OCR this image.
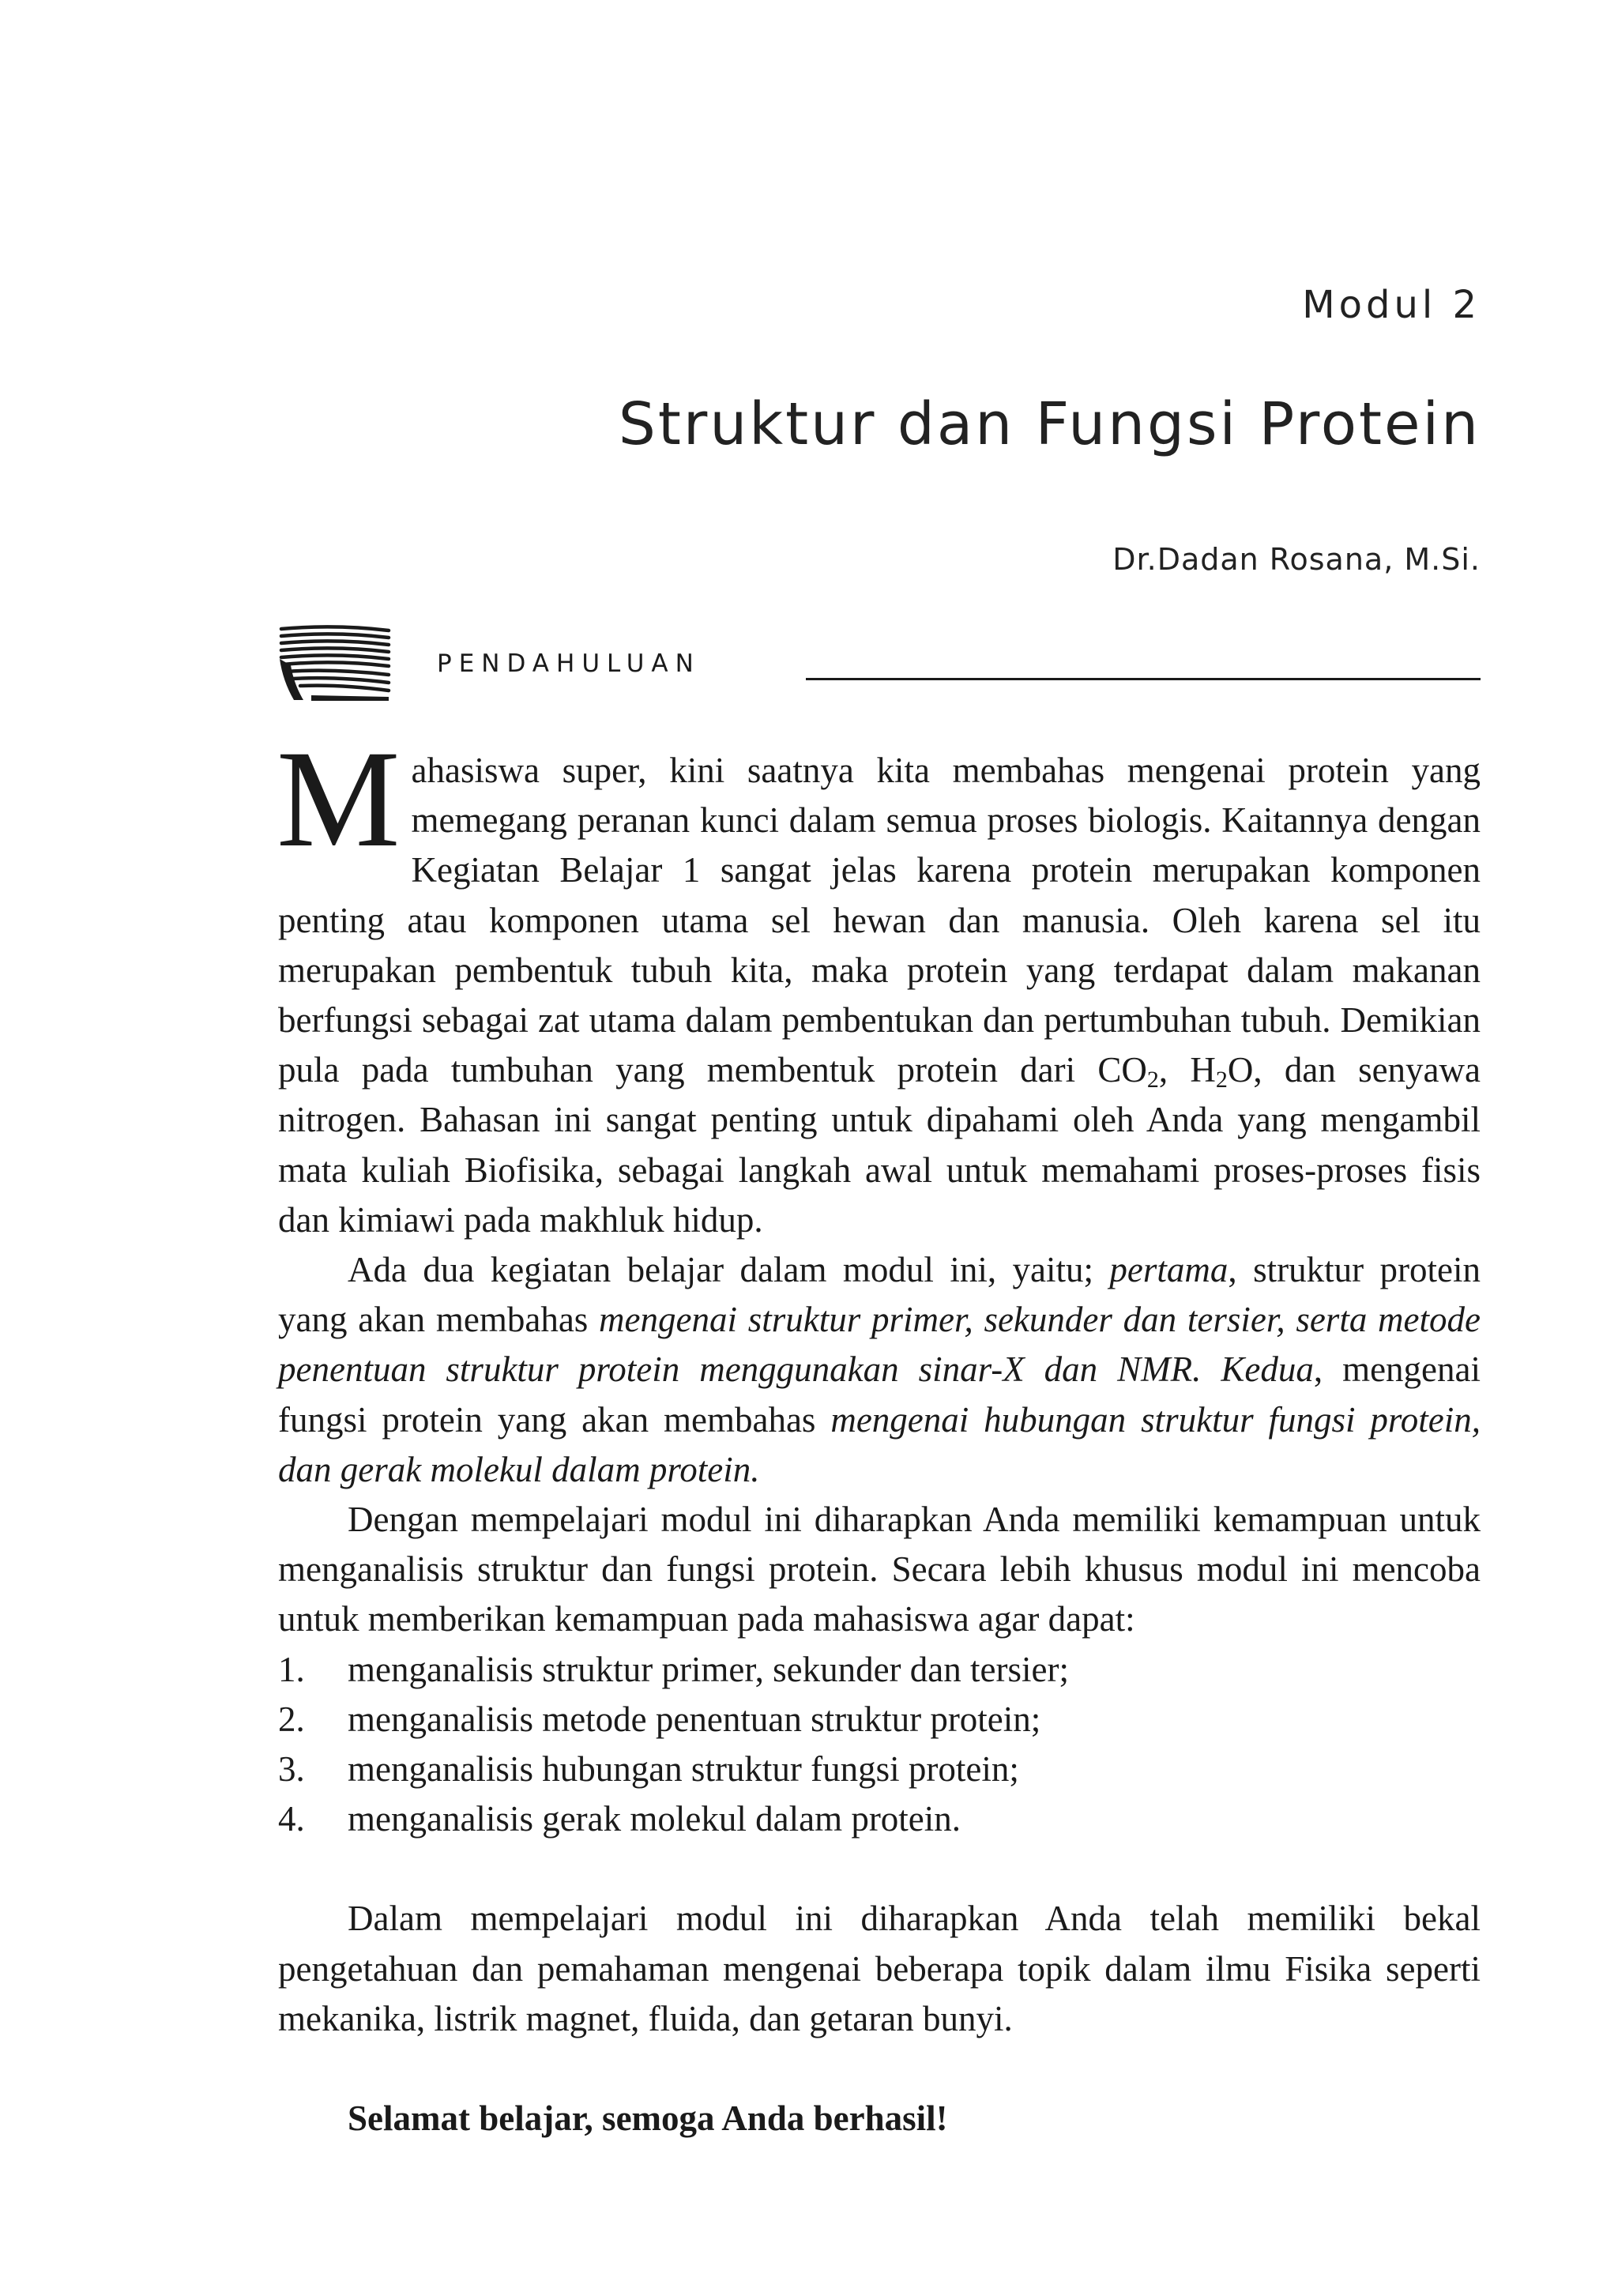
Modul 2
Struktur dan Fungsi Protein
Dr.Dadan Rosana, M.Si.
PENDAHULUAN

Mahasiswa super, kini saatnya kita membahas mengenai protein yang memegang peranan kunci dalam semua proses biologis. Kaitannya dengan Kegiatan Belajar 1 sangat jelas karena protein merupakan komponen penting atau komponen utama sel hewan dan manusia. Oleh karena sel itu merupakan pembentuk tubuh kita, maka protein yang terdapat dalam makanan berfungsi sebagai zat utama dalam pembentukan dan pertumbuhan tubuh. Demikian pula pada tumbuhan yang membentuk protein dari $CO_2$, $H_2O$, dan senyawa nitrogen. Bahasan ini sangat penting untuk dipahami oleh Anda yang mengambil mata kuliah Biofisika, sebagai langkah awal untuk memahami proses-proses fisis dan kimiawi pada makhluk hidup.

Ada dua kegiatan belajar dalam modul ini, yaitu; pertama, struktur protein yang akan membahas mengenai struktur primer, sekunder dan tersier, serta metode penentuan struktur protein menggunakan sinar-X dan NMR. Kedua, mengenai fungsi protein yang akan membahas mengenai hubungan struktur fungsi protein, dan gerak molekul dalam protein.

Dengan mempelajari modul ini diharapkan Anda memiliki kemampuan untuk menganalisis struktur dan fungsi protein. Secara lebih khusus modul ini mencoba untuk memberikan kemampuan pada mahasiswa agar dapat:

1. menganalisis struktur primer, sekunder dan tersier;
2. menganalisis metode penentuan struktur protein;
3. menganalisis hubungan struktur fungsi protein;
4. menganalisis gerak molekul dalam protein.

Dalam mempelajari modul ini diharapkan Anda telah memiliki bekal pengetahuan dan pemahaman mengenai beberapa topik dalam ilmu Fisika seperti mekanika, listrik magnet, fluida, dan getaran bunyi.

Selamat belajar, semoga Anda berhasil!
